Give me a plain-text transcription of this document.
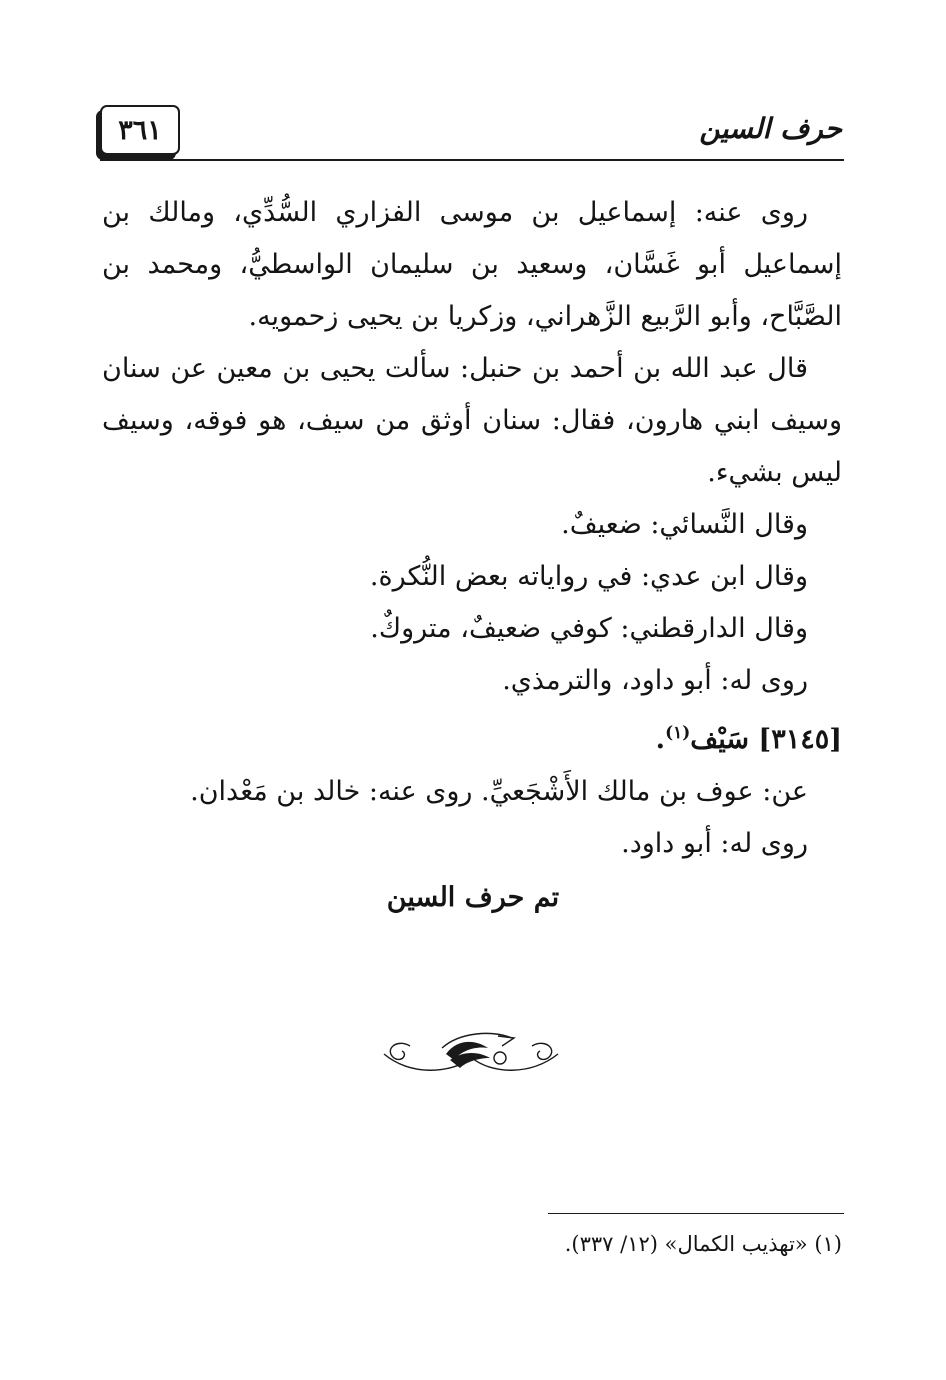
٣٦١	حرف السين

روى عنه: إسماعيل بن موسى الفزاري السُّدِّي، ومالك بن إسماعيل أبو غَسَّان، وسعيد بن سليمان الواسطيُّ، ومحمد بن الصَّبَّاح، وأبو الرَّبيع الزَّهراني، وزكريا بن يحيى زحمويه.

قال عبد الله بن أحمد بن حنبل: سألت يحيى بن معين عن سنان وسيف ابني هارون، فقال: سنان أوثق من سيف، هو فوقه، وسيف ليس بشيء.

وقال النَّسائي: ضعيفٌ.

وقال ابن عدي: في رواياته بعض النُّكرة.

وقال الدارقطني: كوفي ضعيفٌ، متروكٌ.

روى له: أبو داود، والترمذي.

[٣١٤٥] سَيْف$^{(١)}$.

عن: عوف بن مالك الأَشْجَعيِّ. روى عنه: خالد بن مَعْدان.

روى له: أبو داود.

تم حرف السين
(١) «تهذيب الكمال» (١٢/ ٣٣٧).
